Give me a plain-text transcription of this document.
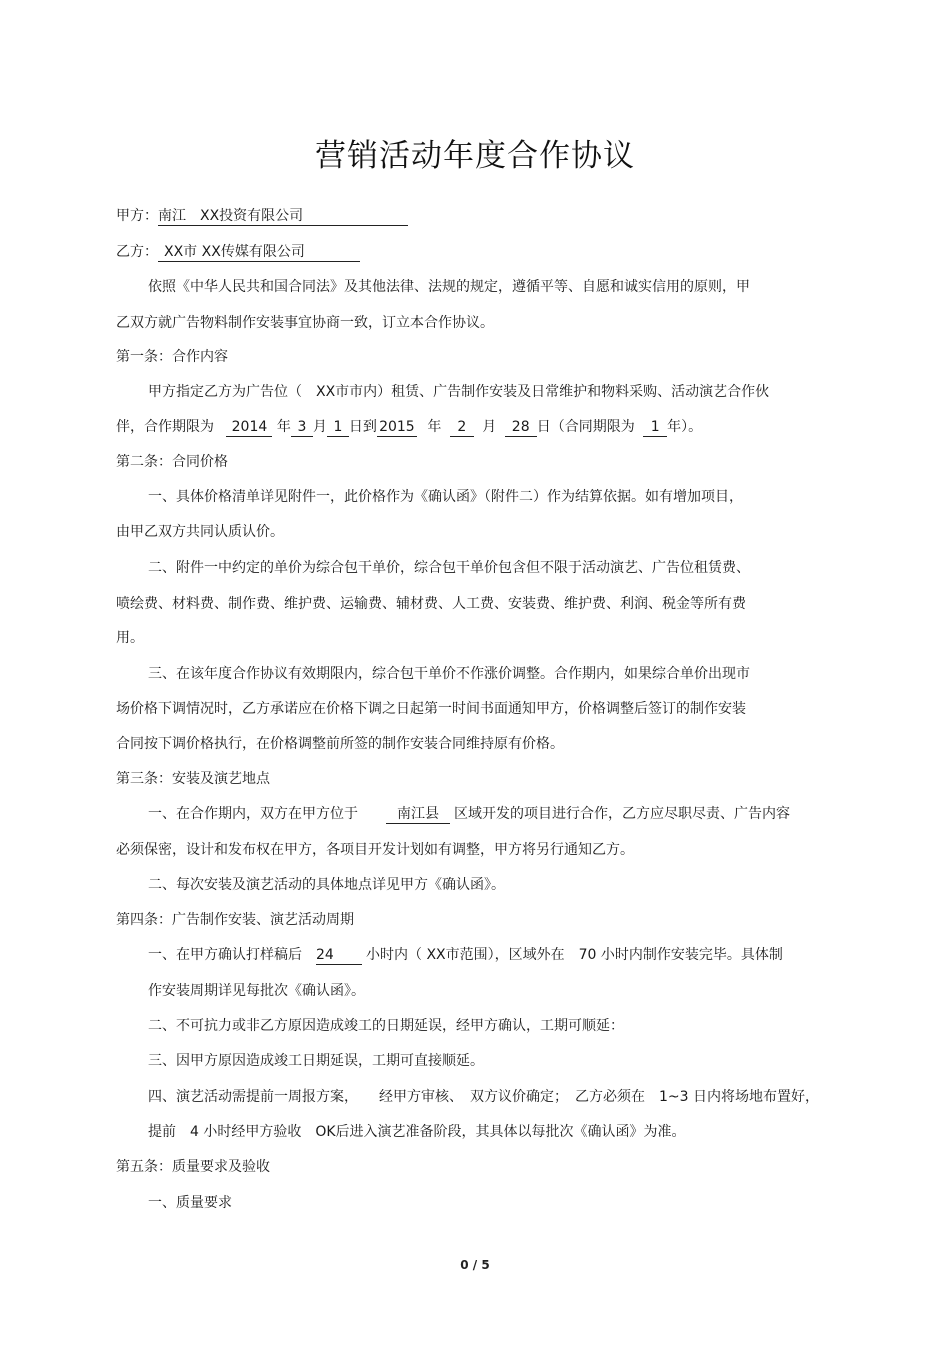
营销活动年度合作协议
甲方：南江　XX投资有限公司
乙方： XX市 XX传媒有限公司
依照《中华人民共和国合同法》及其他法律、法规的规定，遵循平等、自愿和诚实信用的原则，甲
乙双方就广告物料制作安装事宜协商一致，订立本合作协议。
第一条：合作内容
甲方指定乙方为广告位（　XX市市内）租赁、广告制作安装及日常维护和物料采购、活动演艺合作伙
伴，合作期限为 2014 年 3 月 1 日到 2015 年 2 月 28 日（合同期限为 1 年）。
第二条：合同价格
一、具体价格清单详见附件一，此价格作为《确认函》（附件二）作为结算依据。如有增加项目，
由甲乙双方共同认质认价。
二、附件一中约定的单价为综合包干单价，综合包干单价包含但不限于活动演艺、广告位租赁费、
喷绘费、材料费、制作费、维护费、运输费、辅材费、人工费、安装费、维护费、利润、税金等所有费
用。
三、在该年度合作协议有效期限内，综合包干单价不作涨价调整。合作期内，如果综合单价出现市
场价格下调情况时，乙方承诺应在价格下调之日起第一时间书面通知甲方，价格调整后签订的制作安装
合同按下调价格执行，在价格调整前所签的制作安装合同维持原有价格。
第三条：安装及演艺地点
一、在合作期内，双方在甲方位于	南江县 区域开发的项目进行合作，乙方应尽职尽责、广告内容
必须保密，设计和发布权在甲方，各项目开发计划如有调整，甲方将另行通知乙方。
二、每次安装及演艺活动的具体地点详见甲方《确认函》。
第四条：广告制作安装、演艺活动周期
一、在甲方确认打样稿后 24 小时内（ XX市范围），区域外在　70 小时内制作安装完毕。具体制
作安装周期详见每批次《确认函》。
二、不可抗力或非乙方原因造成竣工的日期延误，经甲方确认，工期可顺延：
三、因甲方原因造成竣工日期延误，工期可直接顺延。
四、演艺活动需提前一周报方案，　　经甲方审核、　双方议价确定；　乙方必须在　1~3 日内将场地布置好，
提前　4 小时经甲方验收　OK后进入演艺准备阶段，其具体以每批次《确认函》为准。
第五条：质量要求及验收
一、质量要求
0 / 5
